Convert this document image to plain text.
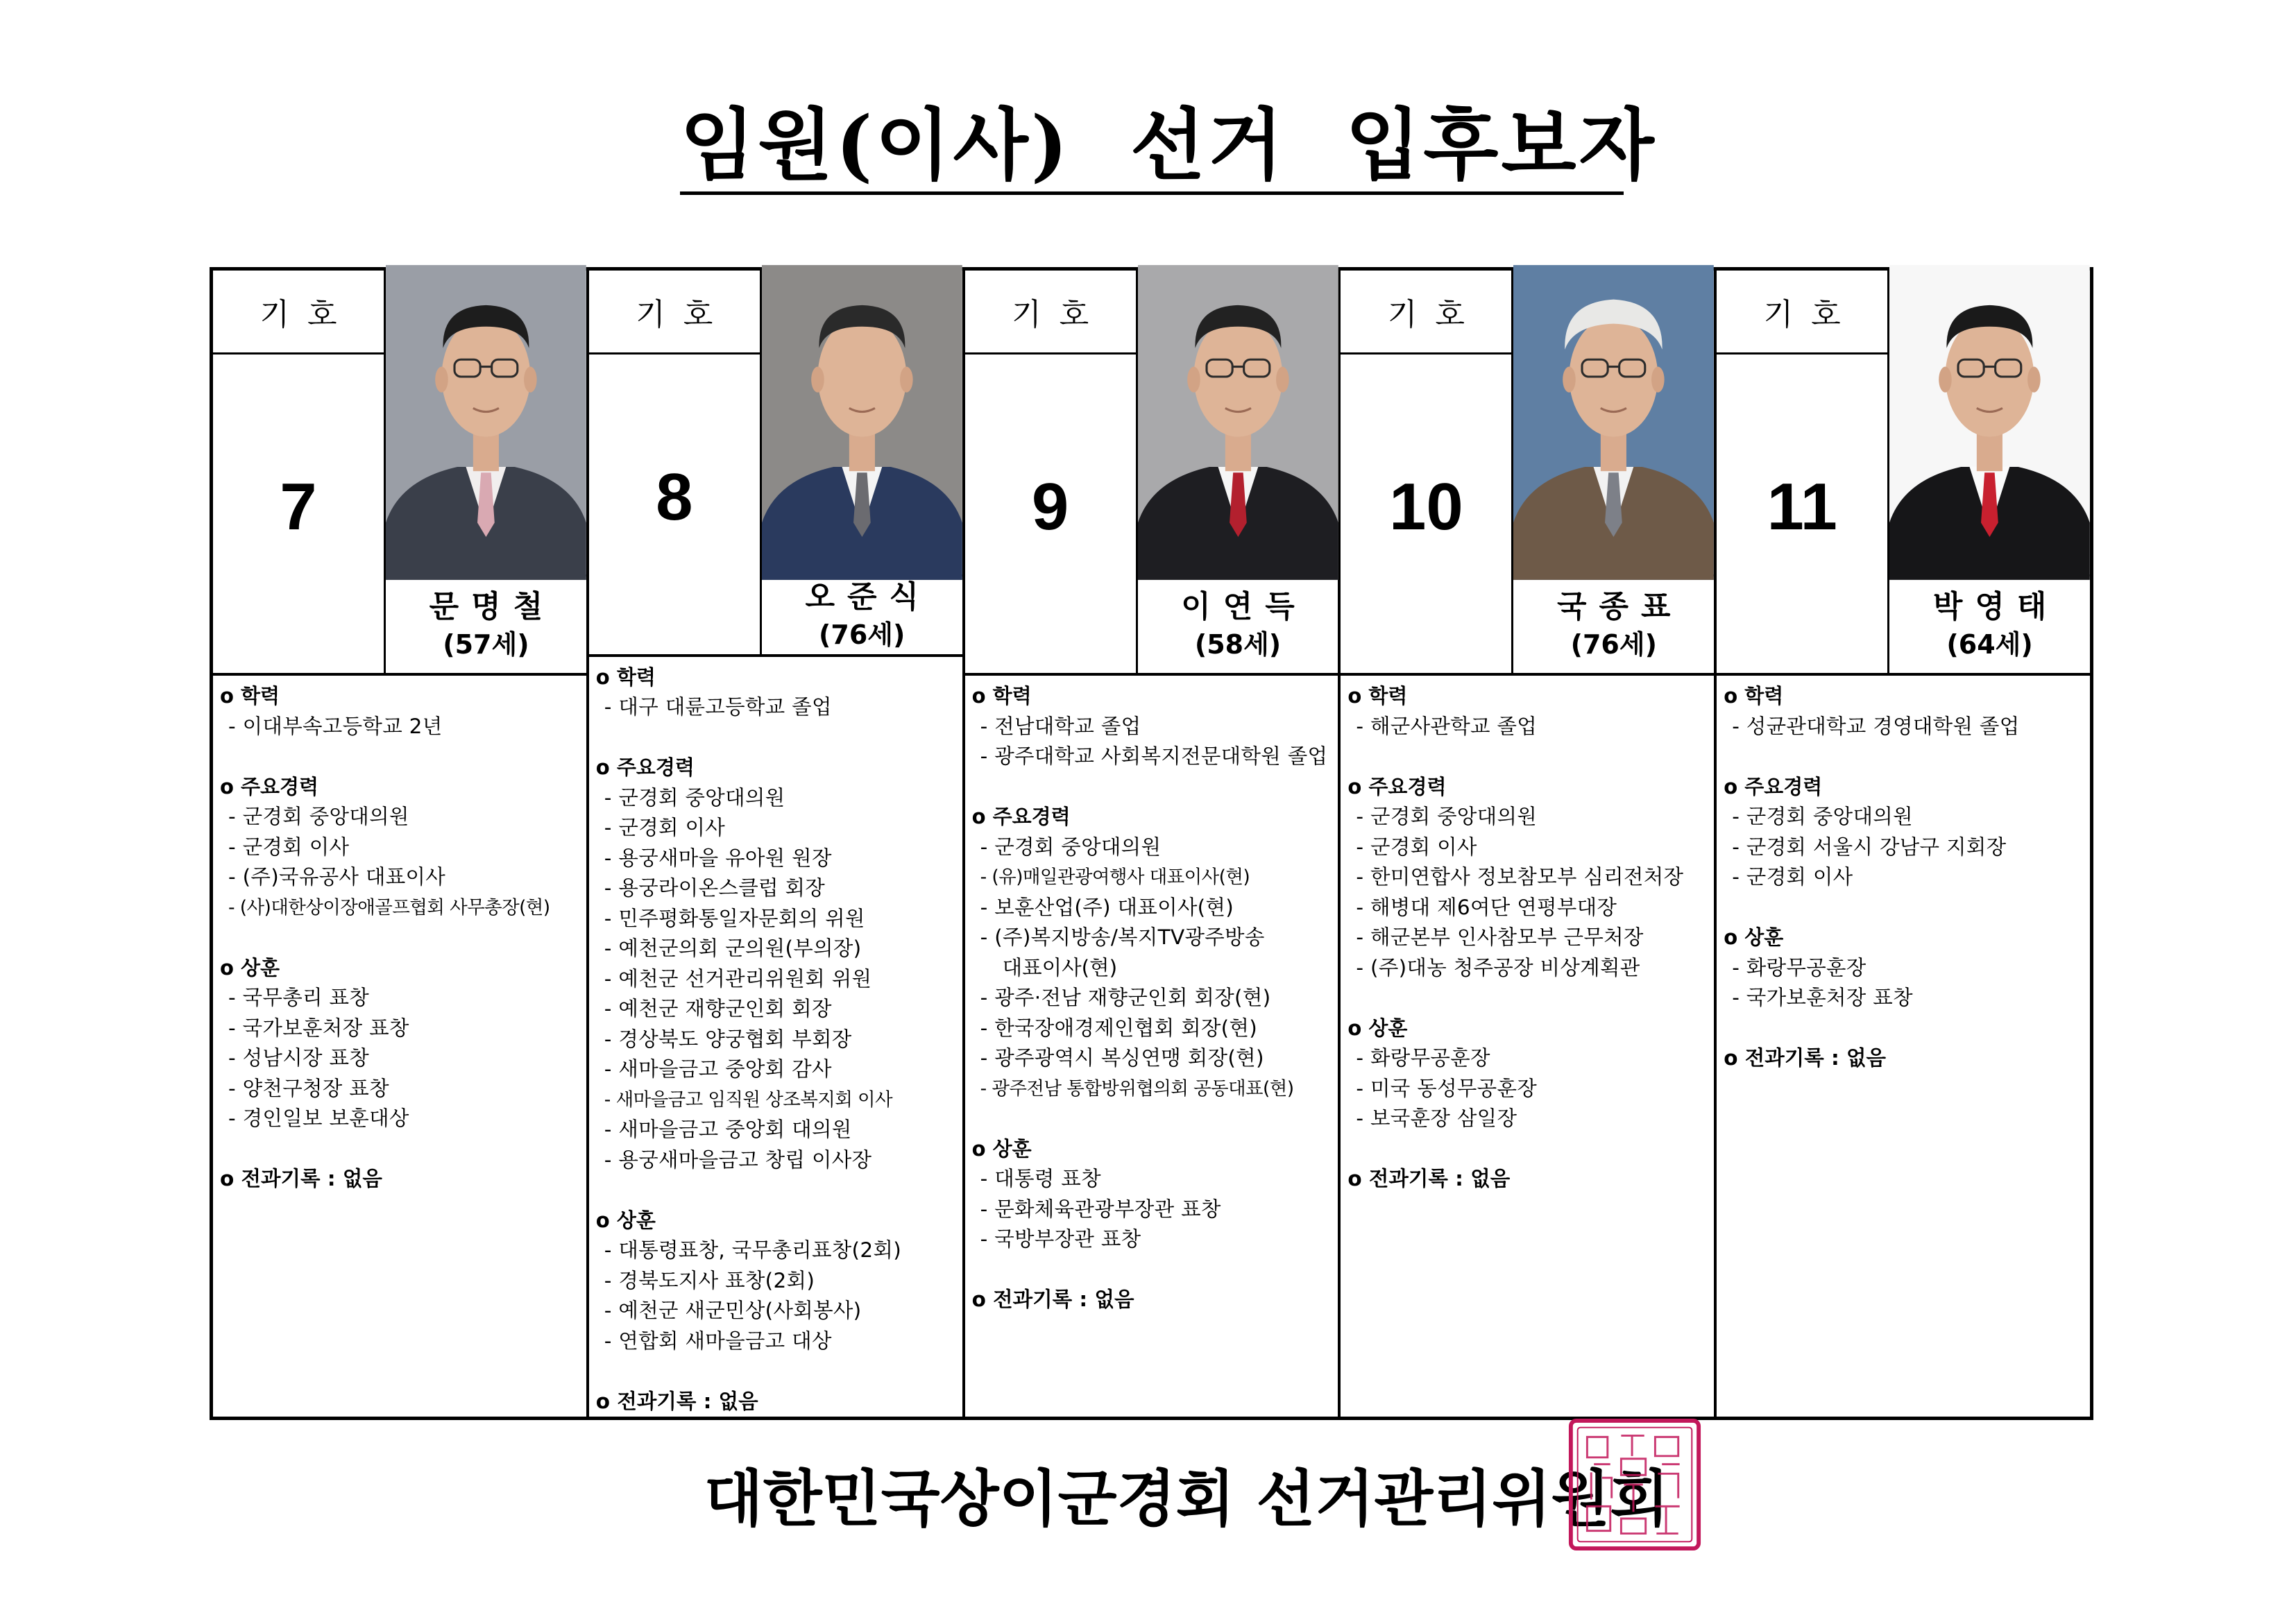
임원(이사)  선거  입후보자
기호
7
문명철
(57세)
o 학력
- 이대부속고등학교 2년
o 주요경력
- 군경회 중앙대의원
- 군경회 이사
- (주)국유공사 대표이사
- (사)대한상이장애골프협회 사무총장(현)
o 상훈
- 국무총리 표창
- 국가보훈처장 표창
- 성남시장 표창
- 양천구청장 표창
- 경인일보 보훈대상
o 전과기록 : 없음
기호
8
오준식
(76세)
o 학력
- 대구 대륜고등학교 졸업
o 주요경력
- 군경회 중앙대의원
- 군경회 이사
- 용궁새마을 유아원 원장
- 용궁라이온스클럽 회장
- 민주평화통일자문회의 위원
- 예천군의회 군의원(부의장)
- 예천군 선거관리위원회 위원
- 예천군 재향군인회 회장
- 경상북도 양궁협회 부회장
- 새마을금고 중앙회 감사
- 새마을금고 임직원 상조복지회 이사
- 새마을금고 중앙회 대의원
- 용궁새마을금고 창립 이사장
o 상훈
- 대통령표창, 국무총리표창(2회)
- 경북도지사 표창(2회)
- 예천군 새군민상(사회봉사)
- 연합회 새마을금고 대상
o 전과기록 : 없음
기호
9
이연득
(58세)
o 학력
- 전남대학교 졸업
- 광주대학교 사회복지전문대학원 졸업
o 주요경력
- 군경회 중앙대의원
- (유)매일관광여행사 대표이사(현)
- 보훈산업(주) 대표이사(현)
- (주)복지방송/복지TV광주방송
대표이사(현)
- 광주·전남 재향군인회 회장(현)
- 한국장애경제인협회 회장(현)
- 광주광역시 복싱연맹 회장(현)
- 광주전남 통합방위협의회 공동대표(현)
o 상훈
- 대통령 표창
- 문화체육관광부장관 표창
- 국방부장관 표창
o 전과기록 : 없음
기호
10
국종표
(76세)
o 학력
- 해군사관학교 졸업
o 주요경력
- 군경회 중앙대의원
- 군경회 이사
- 한미연합사 정보참모부 심리전처장
- 해병대 제6여단 연평부대장
- 해군본부 인사참모부 근무처장
- (주)대농 청주공장 비상계획관
o 상훈
- 화랑무공훈장
- 미국 동성무공훈장
- 보국훈장 삼일장
o 전과기록 : 없음
기호
11
박영태
(64세)
o 학력
- 성균관대학교 경영대학원 졸업
o 주요경력
- 군경회 중앙대의원
- 군경회 서울시 강남구 지회장
- 군경회 이사
o 상훈
- 화랑무공훈장
- 국가보훈처장 표창
o 전과기록 : 없음
대한민국상이군경회 선거관리위원회
